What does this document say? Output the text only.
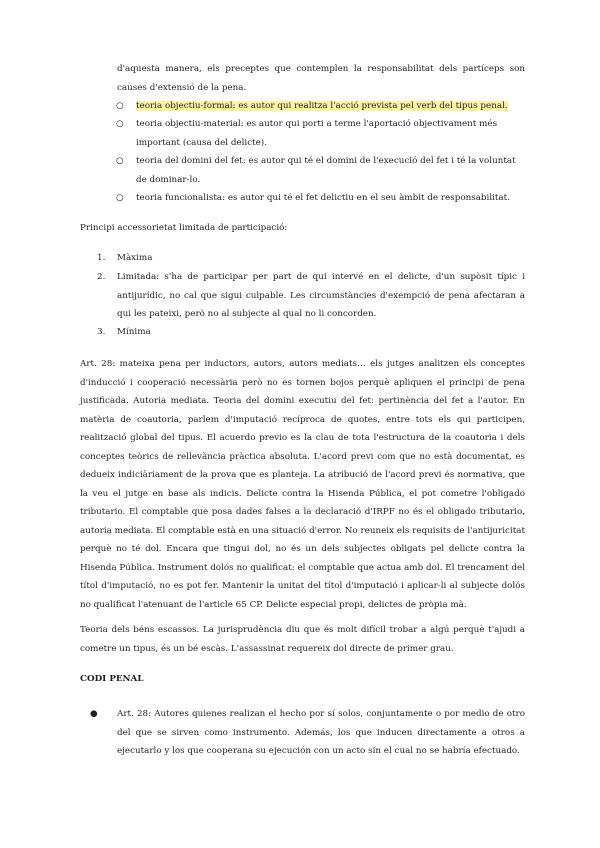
d'aquesta manera, els preceptes que contemplen la responsabilitat dels partíceps son causes d'extensió de la pena.
○ teoria objectiu-formal: es autor qui realitza l'acció prevista pel verb del tipus penal.
○ teoria objectiu-material: es autor qui porti a terme l'aportació objectivament més important (causa del delicte).
○ teoria del domini del fet: es autor qui té el domini de l'execució del fet i té la voluntat de dominar-lo.
○ teoria funcionalista: es autor qui té el fet delictiu en el seu àmbit de responsabilitat.
Principi accessorietat limitada de participació:
1. Màxima
2. Limitada: s'ha de participar per part de qui intervé en el delicte, d'un supòsit típic i antijurídic, no cal que sigui culpable. Les circumstàncies d'exempció de pena afectaran a qui les pateixi, però no al subjecte al qual no li concorden.
3. Mínima
Art. 28: mateixa pena per inductors, autors, autors mediats… els jutges analitzen els conceptes d'inducció i cooperació necessària però no es tornen bojos perquè apliquen el principi de pena justificada. Autoria mediata. Teoria del domini executiu del fet: pertinència del fet a l'autor. En matèria de coautoria, parlem d'imputació recíproca de quotes, entre tots els qui participen, realització global del tipus. El acuerdo previo es la clau de tota l'estructura de la coautoria i dels conceptes teòrics de rellevància pràctica absoluta. L'acord previ com que no està documentat, es dedueix indiciàriament de la prova que es planteja. La atribució de l'acord previ és normativa, que la veu el jutge en base als indicis. Delicte contra la Hisenda Pública, el pot cometre l'obligado tributario. El comptable que posa dades falses a la declaració d'IRPF no és el obligado tributario, autoria mediata. El comptable està en una situació d'error. No reuneix els requisits de l'antijuricitat perquè no té dol. Encara que tingui dol, no és un dels subjectes obligats pel delicte contra la Hisenda Pública. Instrument dolós no qualificat: el comptable que actua amb dol. El trencament del títol d'imputació, no es pot fer. Mantenir la unitat del títol d'imputació i aplicar-li al subjecte dolós no qualificat l'atenuant de l'article 65 CP. Delicte especial propi, delictes de pròpia mà.
Teoria dels béns escassos. La jurisprudència diu que és molt difícil trobar a algú perquè t'ajudi a cometre un tipus, és un bé escàs. L'assassinat requereix dol directe de primer grau.
CODI PENAL
● Art. 28: Autores quienes realizan el hecho por sí solos, conjuntamente o por medio de otro del que se sirven como instrumento. Además, los que inducen directamente a otros a ejecutarlo y los que cooperana su ejecución con un acto sin el cual no se habría efectuado.
